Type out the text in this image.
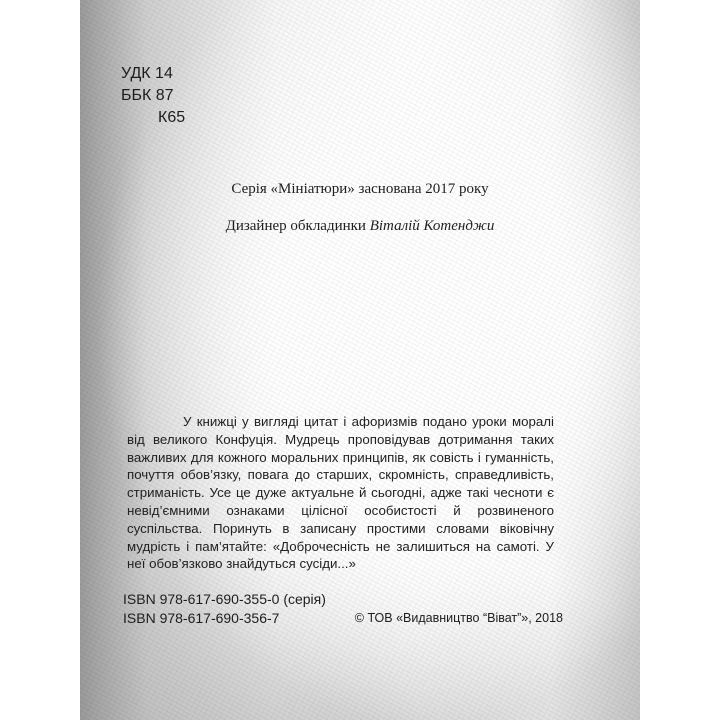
УДК 14
ББК 87
К65
Серія «Мініатюри» заснована 2017 року
Дизайнер обкладинки Віталій Котенджи
У книжці у вигляді цитат і афоризмів подано уроки моралі від великого Конфуція. Мудрець проповідував дотримання таких важливих для кожного моральних принципів, як совість і гуманність, почуття обов’язку, повага до старших, скромність, справедливість, стриманість. Усе це дуже актуальне й сьогодні, адже такі чесноти є невід’ємними ознаками цілісної особистості й розвиненого суспільства. Поринуть в записану простими словами віковічну мудрість і пам’ятайте: «Доброчесність не залишиться на самоті. У неї обов’язково знайдуться сусіди...»
ISBN 978-617-690-355-0 (серія)
ISBN 978-617-690-356-7	© ТОВ «Видавництво “Віват”», 2018
